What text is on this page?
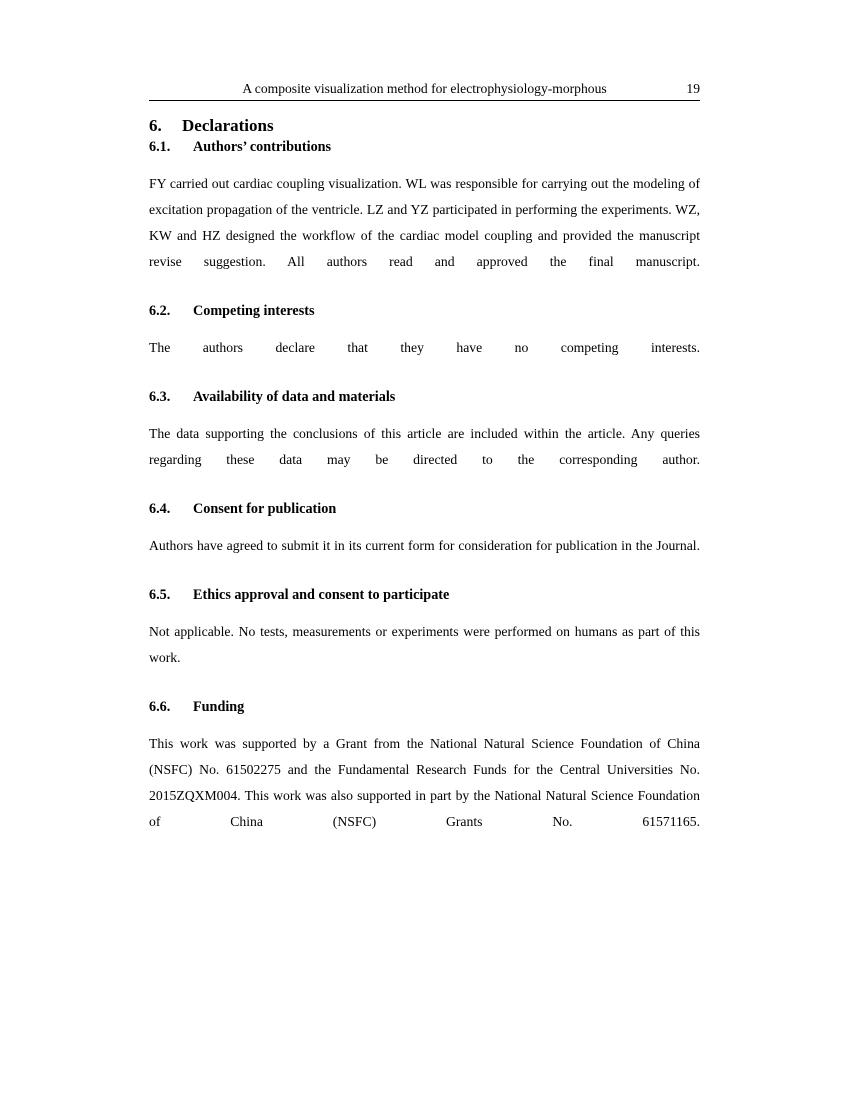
A composite visualization method for electrophysiology-morphous	19
6.	Declarations
6.1.	Authors’ contributions

FY carried out cardiac coupling visualization. WL was responsible for carrying out the modeling of excitation propagation of the ventricle. LZ and YZ participated in performing the experiments. WZ, KW and HZ designed the workflow of the cardiac model coupling and provided the manuscript revise suggestion. All authors read and approved the final manuscript.

6.2.	Competing interests

The authors declare that they have no competing interests.

6.3.	Availability of data and materials

The data supporting the conclusions of this article are included within the article. Any queries regarding these data may be directed to the corresponding author.

6.4.	Consent for publication

Authors have agreed to submit it in its current form for consideration for publication in the Journal.

6.5.	Ethics approval and consent to participate

Not applicable. No tests, measurements or experiments were performed on humans as part of this work.

6.6.	Funding

This work was supported by a Grant from the National Natural Science Foundation of China (NSFC) No. 61502275 and the Fundamental Research Funds for the Central Universities No. 2015ZQXM004. This work was also supported in part by the National Natural Science Foundation of China (NSFC) Grants No. 61571165.
